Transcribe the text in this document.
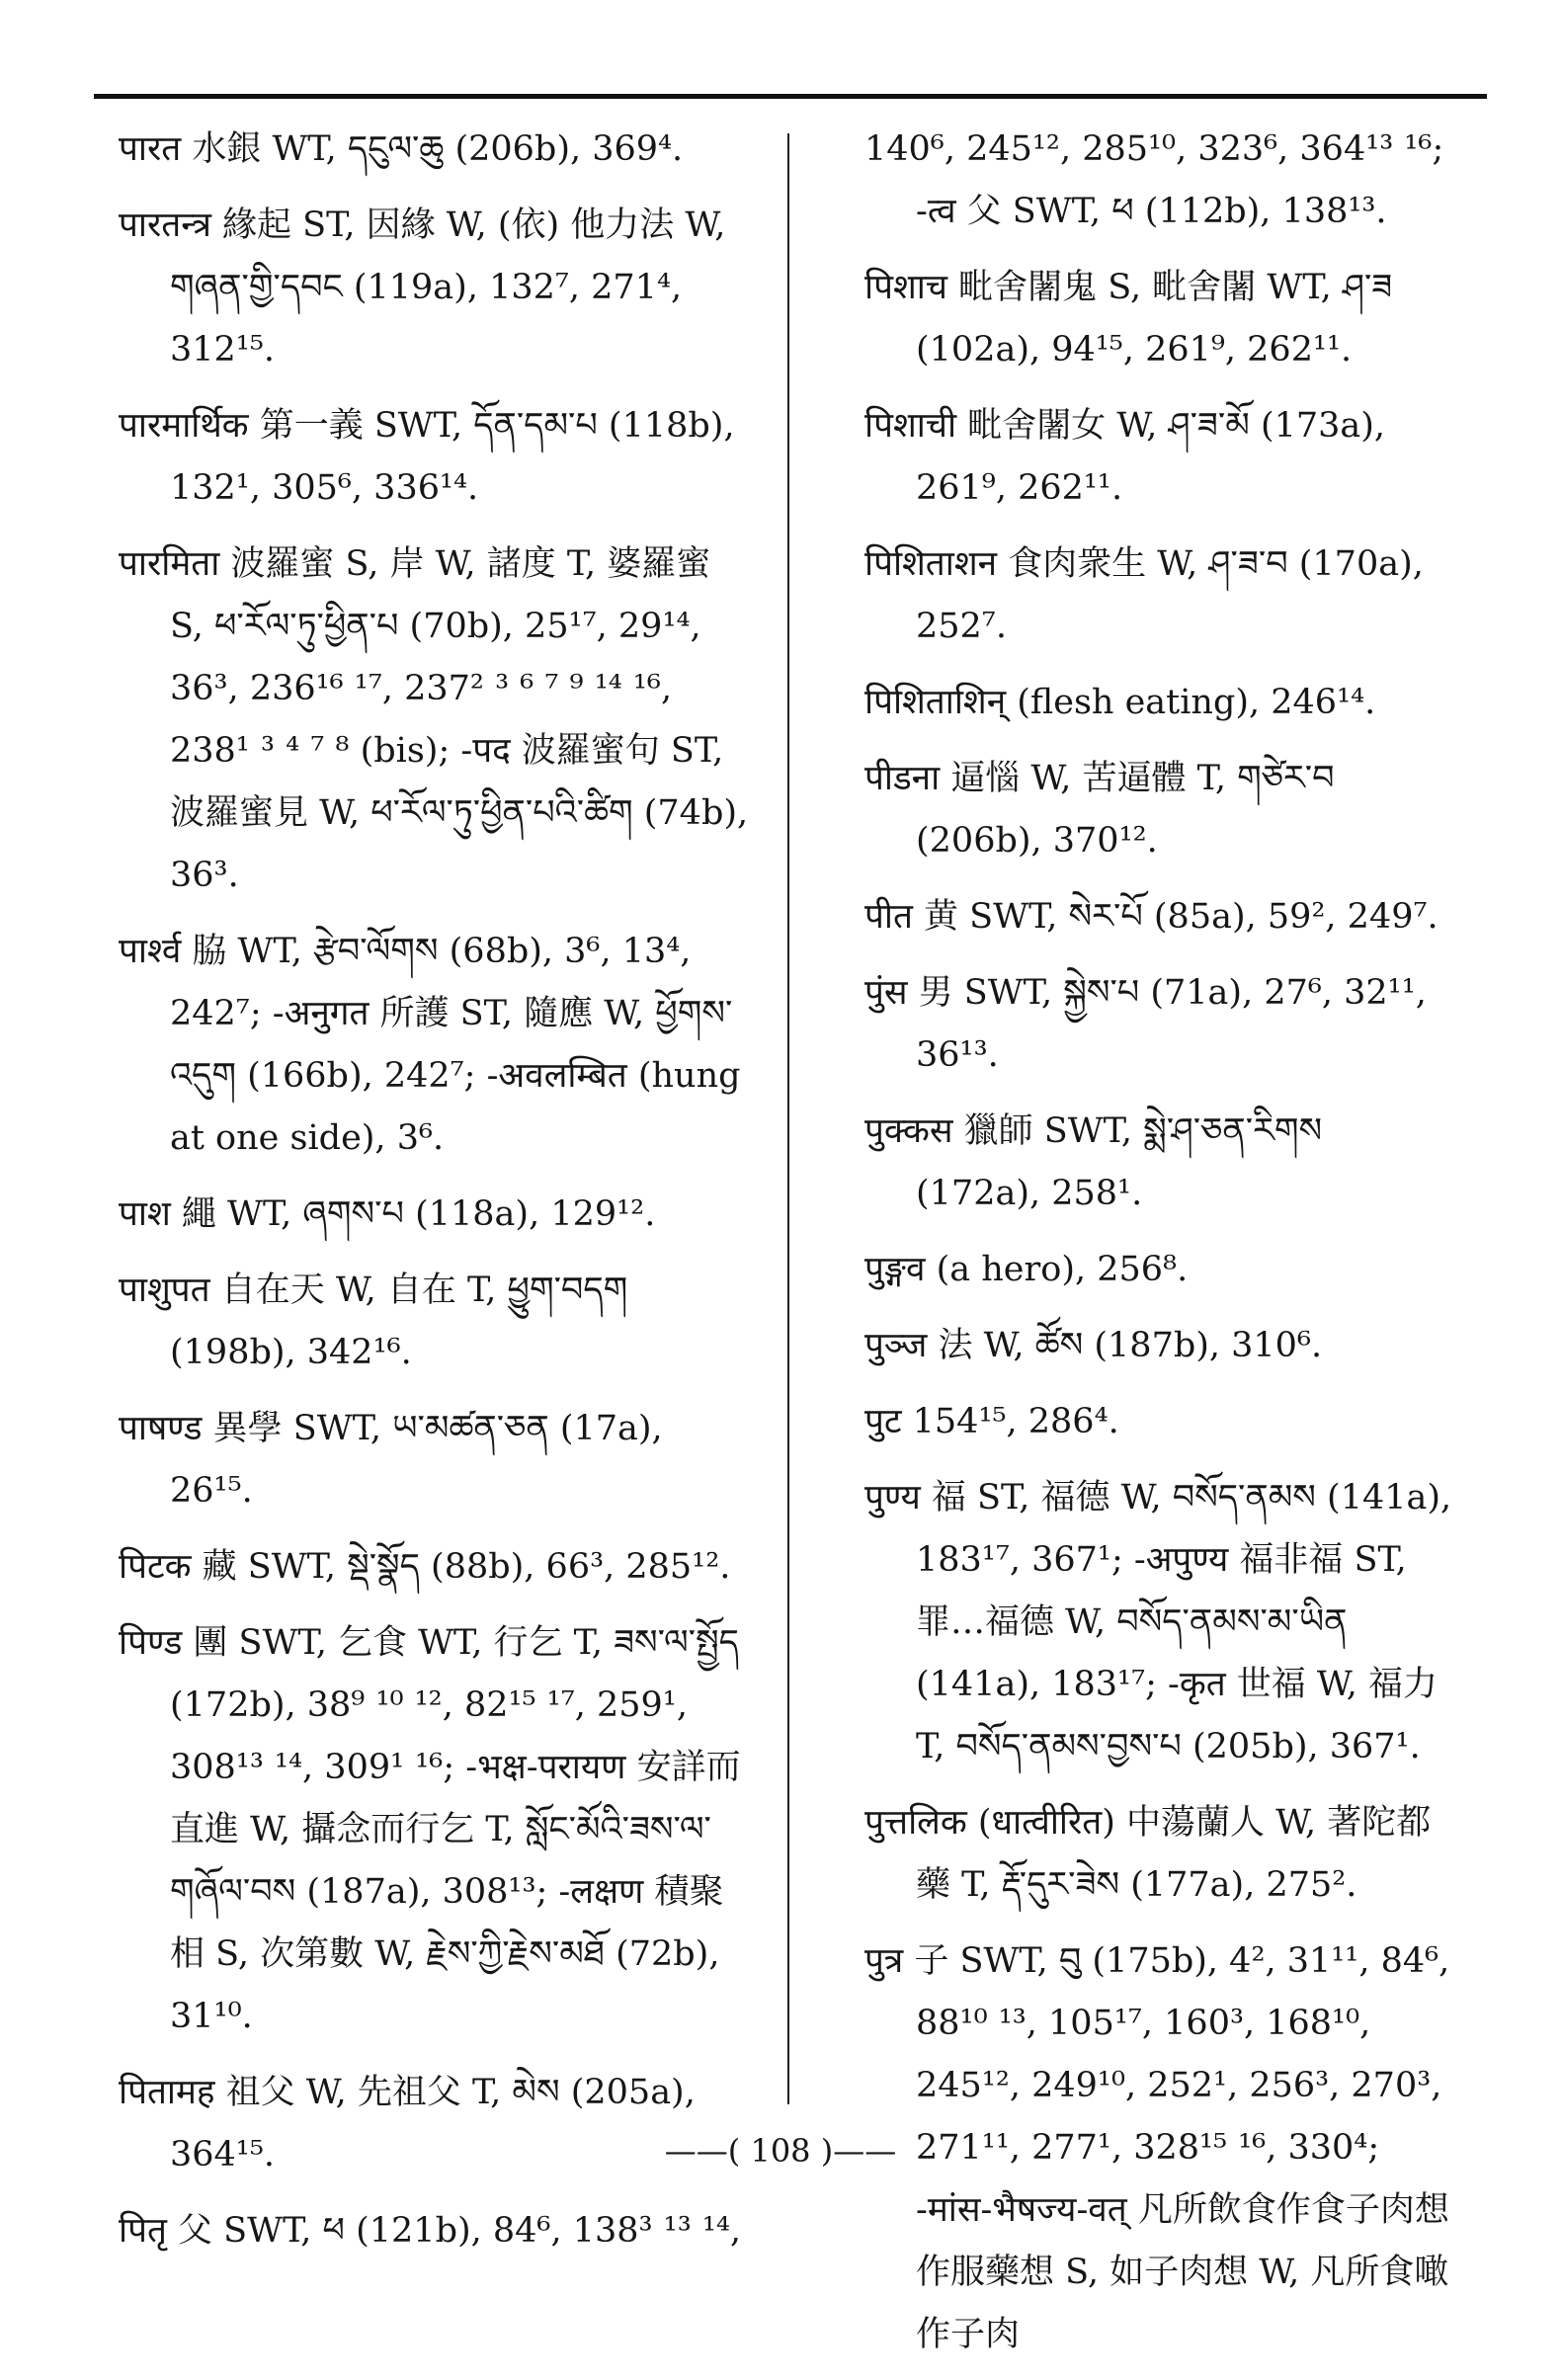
पारत 水銀 WT, དངུལ་ཆུ (206b), 369⁴.

पारतन्त्र 緣起 ST, 因緣 W, (依) 他力法 W, གཞན་གྱི་དབང (119a), 132⁷, 271⁴, 312¹⁵.

पारमार्थिक 第一義 SWT, དོན་དམ་པ (118b), 132¹, 305⁶, 336¹⁴.

पारमिता 波羅蜜 S, 岸 W, 諸度 T, 婆羅蜜 S, ཕ་རོལ་ཏུ་ཕྱིན་པ (70b), 25¹⁷, 29¹⁴, 36³, 236¹⁶ ¹⁷, 237² ³ ⁶ ⁷ ⁹ ¹⁴ ¹⁶, 238¹ ³ ⁴ ⁷ ⁸ (bis); -पद 波羅蜜句 ST, 波羅蜜見 W, ཕ་རོལ་ཏུ་ཕྱིན་པའི་ཚིག (74b), 36³.

पार्श्व 脇 WT, རྩེབ་ལོགས (68b), 3⁶, 13⁴, 242⁷; -अनुगत 所護 ST, 隨應 W, ཕྱོགས་འདུག (166b), 242⁷; -अवलम्बित (hung at one side), 3⁶.

पाश 繩 WT, ཞགས་པ (118a), 129¹².

पाशुपत 自在天 W, 自在 T, ཕྱུག་བདག (198b), 342¹⁶.

पाषण्ड 異學 SWT, ཡ་མཚན་ཅན (17a), 26¹⁵.

पिटक 藏 SWT, སྡེ་སྣོད (88b), 66³, 285¹².

पिण्ड 團 SWT, 乞食 WT, 行乞 T, ཟས་ལ་སྤྱོད (172b), 38⁹ ¹⁰ ¹², 82¹⁵ ¹⁷, 259¹, 308¹³ ¹⁴, 309¹ ¹⁶; -भक्ष-परायण 安詳而直進 W, 攝念而行乞 T, སློང་མོའི་ཟས་ལ་གཞོལ་བས (187a), 308¹³; -लक्षण 積聚相 S, 次第數 W, རྗེས་ཀྱི་རྗེས་མཐོ (72b), 31¹⁰.

पितामह 祖父 W, 先祖父 T, མེས (205a), 364¹⁵.

पितृ 父 SWT, ཕ (121b), 84⁶, 138³ ¹³ ¹⁴,

140⁶, 245¹², 285¹⁰, 323⁶, 364¹³ ¹⁶; -त्व 父 SWT, ཕ (112b), 138¹³.

पिशाच 毗舍闍鬼 S, 毗舍闍 WT, ཤ་ཟ (102a), 94¹⁵, 261⁹, 262¹¹.

पिशाची 毗舍闍女 W, ཤ་ཟ་མོ (173a), 261⁹, 262¹¹.

पिशिताशन 食肉衆生 W, ཤ་ཟ་བ (170a), 252⁷.

पिशिताशिन् (flesh eating), 246¹⁴.

पीडना 逼惱 W, 苦逼體 T, གཙེར་བ (206b), 370¹².

पीत 黄 SWT, སེར་པོ (85a), 59², 249⁷.

पुंस 男 SWT, སྐྱེས་པ (71a), 27⁶, 32¹¹, 36¹³.

पुक्कस 獵師 SWT, སྨེ་ཤ་ཅན་རིགས (172a), 258¹.

पुङ्गव (a hero), 256⁸.

पुञ्ज 法 W, ཚོས (187b), 310⁶.

पुट 154¹⁵, 286⁴.

पुण्य 福 ST, 福德 W, བསོད་ནམས (141a), 183¹⁷, 367¹; -अपुण्य 福非福 ST, 罪…福德 W, བསོད་ནམས་མ་ཡིན (141a), 183¹⁷; -कृत 世福 W, 福力 T, བསོད་ནམས་བྱས་པ (205b), 367¹.

पुत्तलिक (धात्वीरित) 中蕩蘭人 W, 著陀都藥 T, རྡོ་དུར་ཟེས (177a), 275².

पुत्र 子 SWT, བུ (175b), 4², 31¹¹, 84⁶, 88¹⁰ ¹³, 105¹⁷, 160³, 168¹⁰, 245¹², 249¹⁰, 252¹, 256³, 270³, 271¹¹, 277¹, 328¹⁵ ¹⁶, 330⁴; -मांस-भैषज्य-वत् 凡所飲食作食子肉想作服藥想 S, 如子肉想 W, 凡所食噉作子肉

——( 108 )——
